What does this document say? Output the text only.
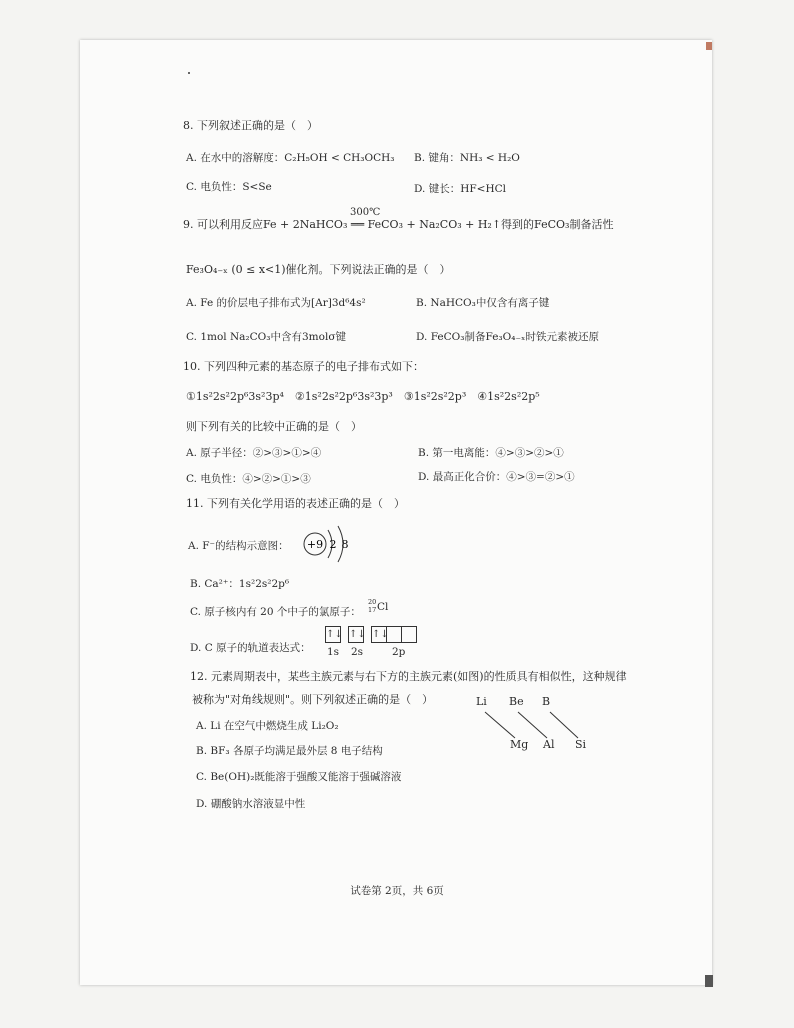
8. 下列叙述正确的是（　）
A. 在水中的溶解度：C₂H₅OH < CH₃OCH₃ B. 键角：NH₃ < H₂O
C. 电负性：S<Se	D. 键长：HF<HCl
300℃
9. 可以利用反应Fe + 2NaHCO₃ ══ FeCO₃ + Na₂CO₃ + H₂↑得到的FeCO₃制备活性
Fe₃O₄₋ₓ (0 ≤ x<1)催化剂。下列说法正确的是（　）
A. Fe 的价层电子排布式为[Ar]3d⁶4s²	B. NaHCO₃中仅含有离子键
C. 1mol Na₂CO₃中含有3molσ键	D. FeCO₃制备Fe₃O₄₋ₓ时铁元素被还原
10. 下列四种元素的基态原子的电子排布式如下：
①1s²2s²2p⁶3s²3p⁴　②1s²2s²2p⁶3s²3p³　③1s²2s²2p³　④1s²2s²2p⁵
则下列有关的比较中正确的是（　）
A. 原子半径：②>③>①>④	B. 第一电离能：④>③>②>①
C. 电负性：④>②>①>③	D. 最高正化合价：④>③=②>①
11. 下列有关化学用语的表述正确的是（　）
A. F⁻的结构示意图： +9 2 8
B. Ca²⁺：1s²2s²2p⁶
C. 原子核内有 20 个中子的氯原子：
20
17 Cl
D. C 原子的轨道表达式：
↑↓ ↑↓ ↑↓
1s 2s	2p
12. 元素周期表中，某些主族元素与右下方的主族元素(如图)的性质具有相似性，这种规律
被称为"对角线规则"。则下列叙述正确的是（　）	Li Be B
Mg Al Si
A. Li 在空气中燃烧生成 Li₂O₂
B. BF₃ 各原子均满足最外层 8 电子结构
C. Be(OH)₂既能溶于强酸又能溶于强碱溶液
D. 硼酸钠水溶液显中性
试卷第 2页，共 6页
